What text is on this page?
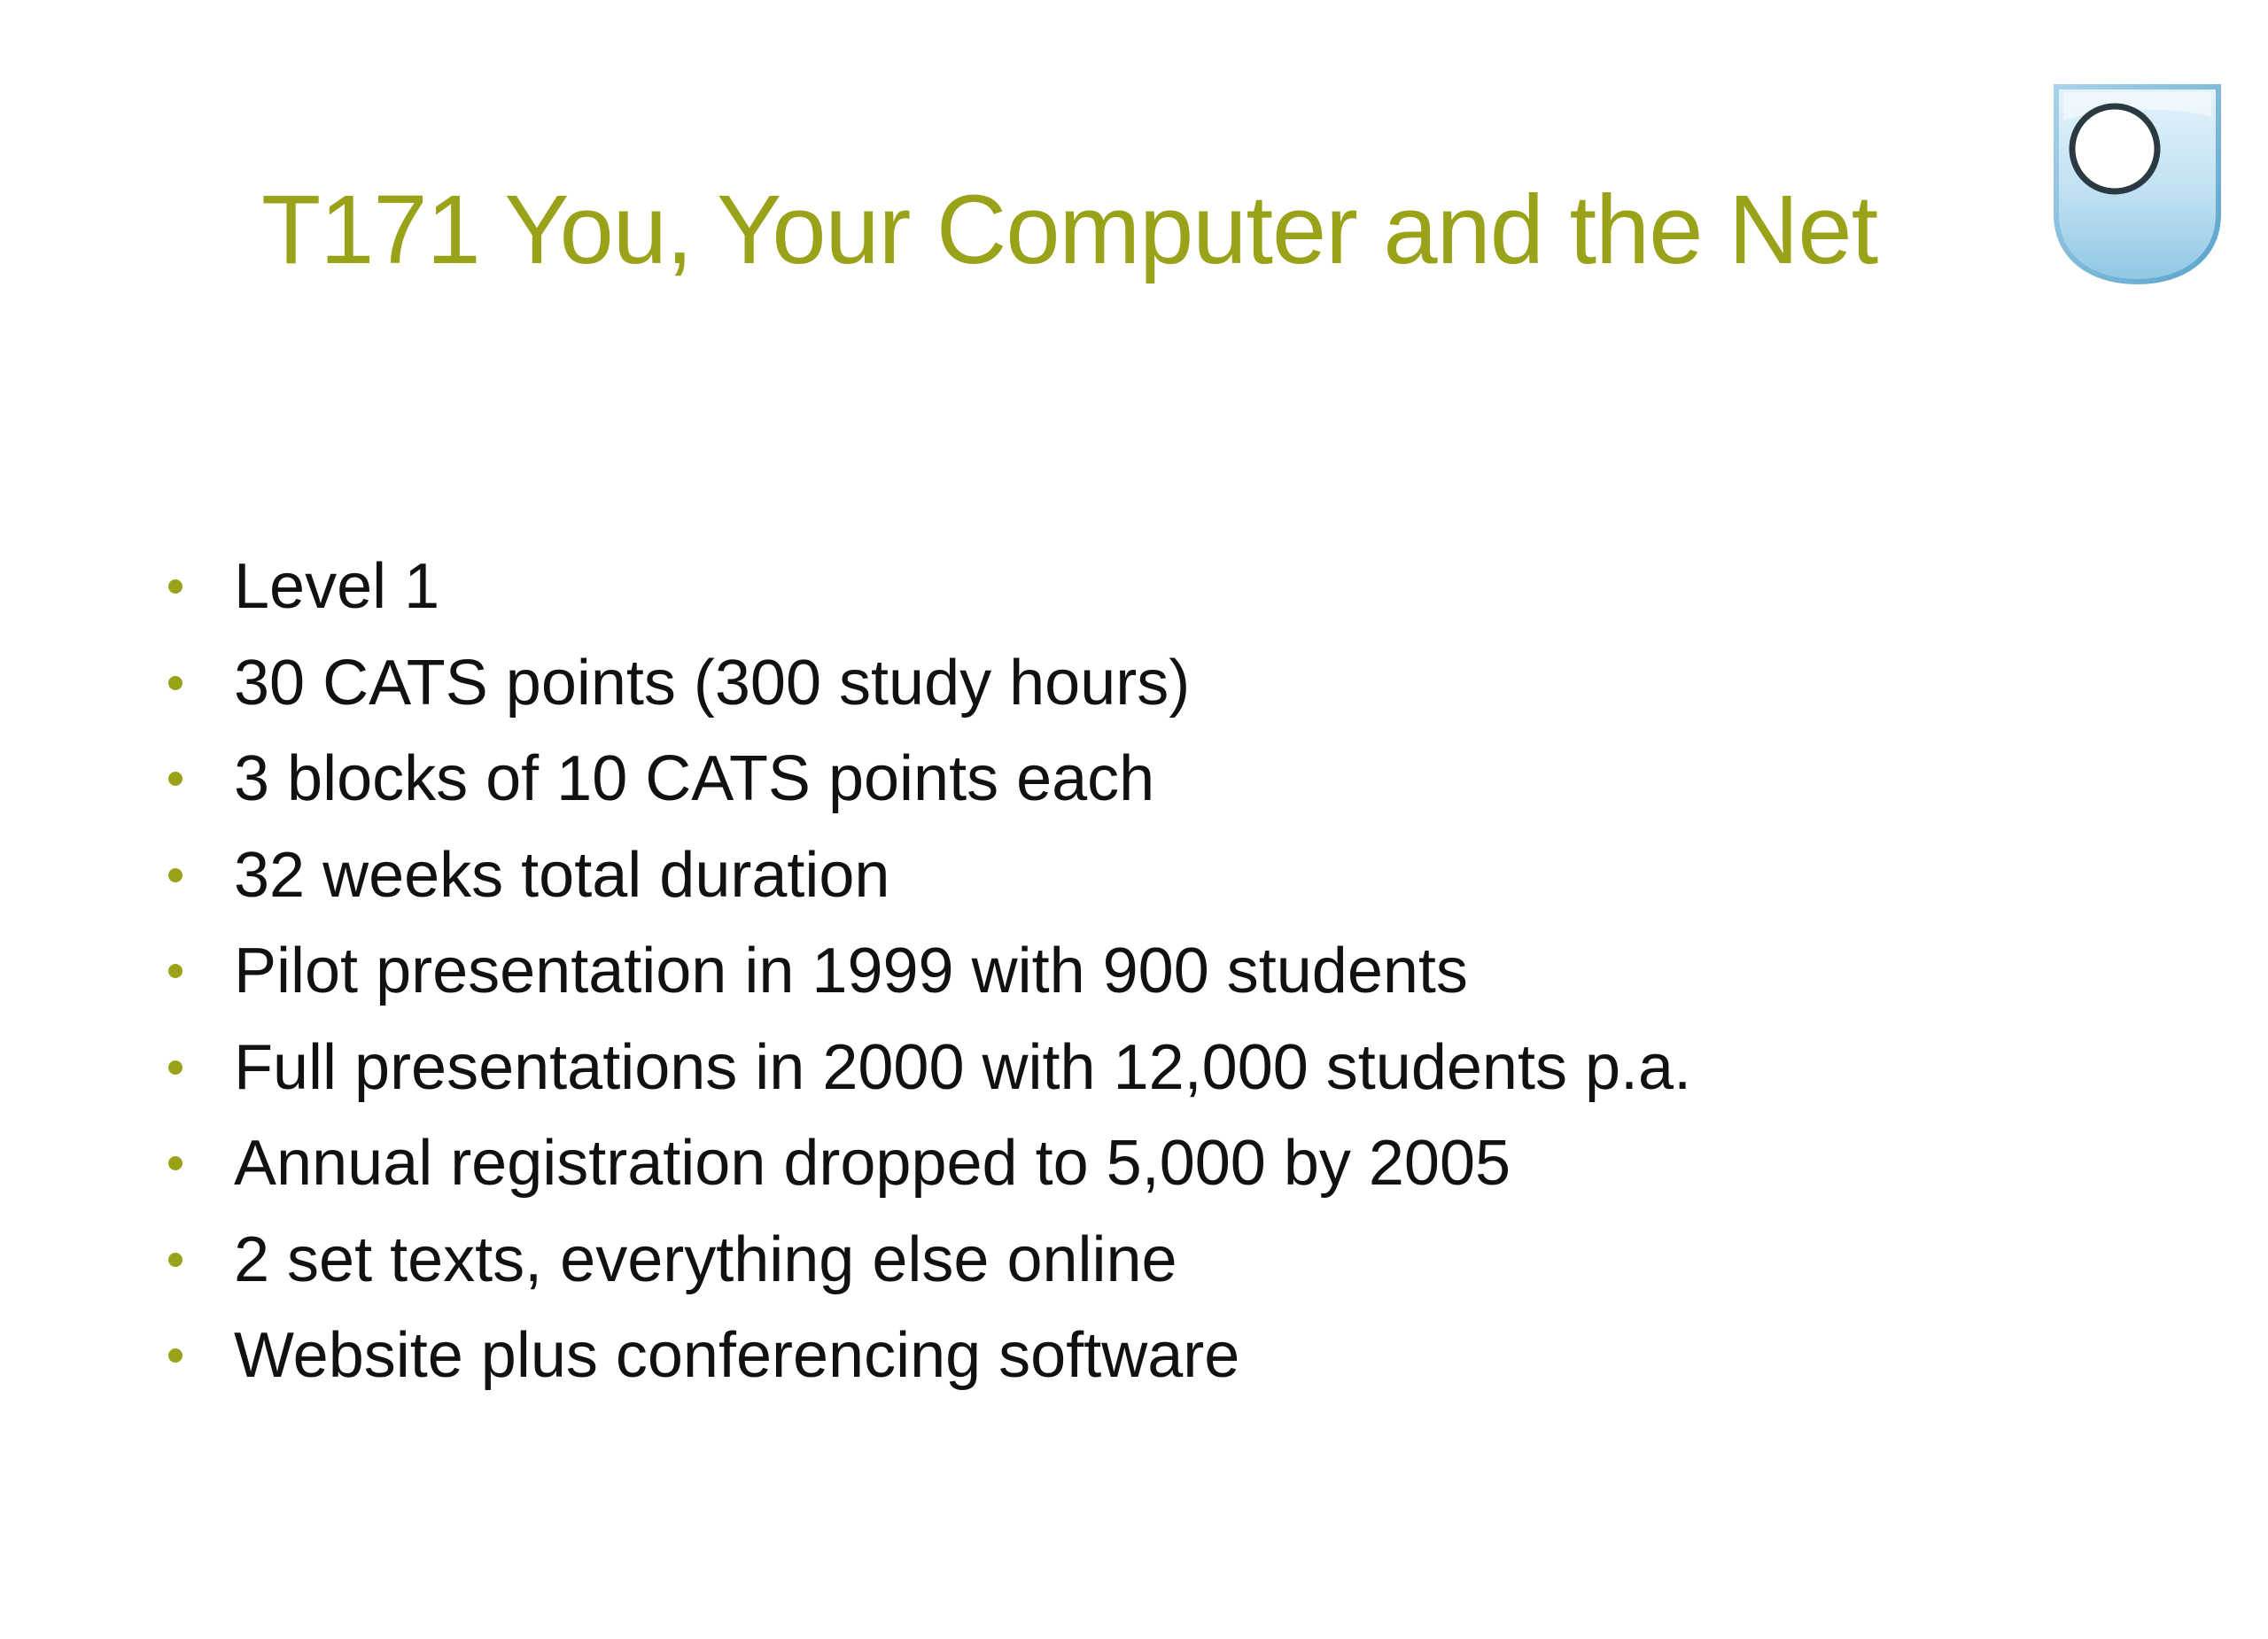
T171 You, Your Computer and the Net
Level 1
30 CATS points (300 study hours)
3 blocks of 10 CATS points each
32 weeks total duration
Pilot presentation in 1999 with 900 students
Full presentations in 2000 with 12,000 students p.a.
Annual registration dropped to 5,000 by 2005
2 set texts, everything else online
Website plus conferencing software
